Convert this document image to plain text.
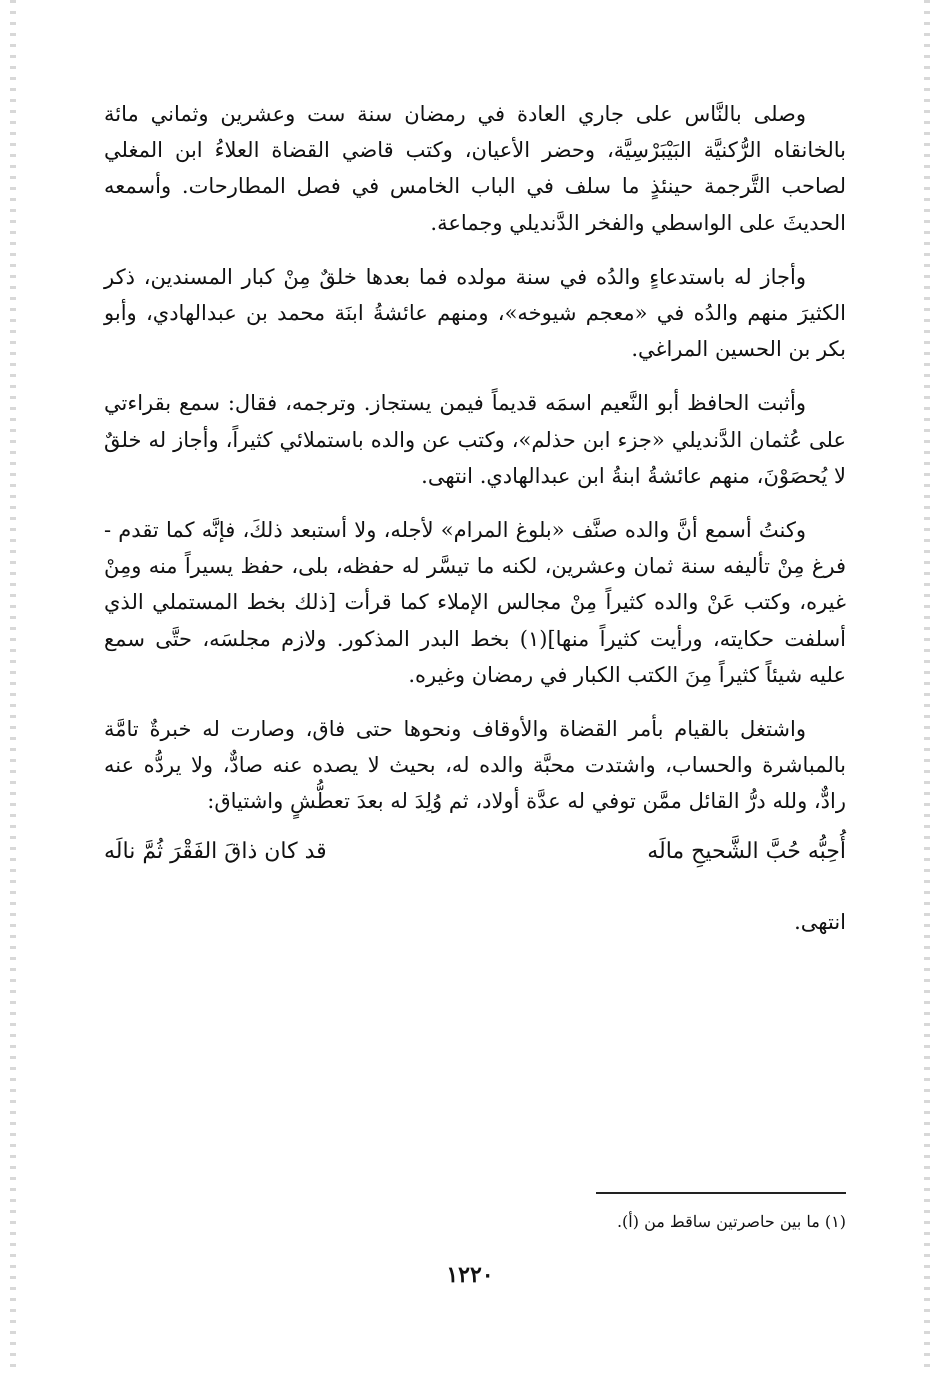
وصلى بالنَّاس على جاري العادة في رمضان سنة ست وعشرين وثماني مائة بالخانقاه الرُّكنيَّة البَيْبَرْسِيَّة، وحضر الأعيان، وكتب قاضي القضاة العلاءُ ابن المغلي لصاحب التَّرجمة حينئذٍ ما سلف في الباب الخامس في فصل المطارحات. وأسمعه الحديثَ على الواسطي والفخر الدَّنديلي وجماعة.

وأجاز له باستدعاءٍ والدُه في سنة مولده فما بعدها خلقٌ مِنْ كبار المسندين، ذكر الكثيرَ منهم والدُه في «معجم شيوخه»، ومنهم عائشةُ ابنَة محمد بن عبدالهادي، وأبو بكر بن الحسين المراغي.

وأثبت الحافظ أبو النَّعيم اسمَه قديماً فيمن يستجاز. وترجمه، فقال: سمع بقراءتي على عُثمان الدَّنديلي «جزء ابن حذلم»، وكتب عن والده باستملائي كثيراً، وأجاز له خلقٌ لا يُحصَوْنَ، منهم عائشةُ ابنةُ ابن عبدالهادي. انتهى.

وكنتُ أسمع أنَّ والده صنَّف «بلوغ المرام» لأجله، ولا أستبعد ذلكَ، فإنَّه كما تقدم - فرغ مِنْ تأليفه سنة ثمان وعشرين، لكنه ما تيسَّر له حفظه، بلى، حفظ يسيراً منه ومِنْ غيره، وكتب عَنْ والده كثيراً مِنْ مجالس الإملاء كما قرأت [ذلك بخط المستملي الذي أسلفت حكايته، ورأيت كثيراً منها](١) بخط البدر المذكور. ولازم مجلسَه، حتَّى سمع عليه شيئاً كثيراً مِنَ الكتب الكبار في رمضان وغيره.

واشتغل بالقيام بأمر القضاة والأوقاف ونحوها حتى فاق، وصارت له خبرةٌ تامَّة بالمباشرة والحساب، واشتدت محبَّة والده له، بحيث لا يصده عنه صادٌّ، ولا يردُّه عنه رادٌّ، ولله درُّ القائل ممَّن توفي له عدَّة أولاد، ثم وُلِدَ له بعدَ تعطُّشٍ واشتياق:

أُحِبُّه حُبَّ الشَّحيحِ مالَه
قد كان ذاقَ الفَقْرَ ثُمَّ نالَه

انتهى.

(١) ما بين حاصرتين ساقط من (أ).
١٢٢٠
